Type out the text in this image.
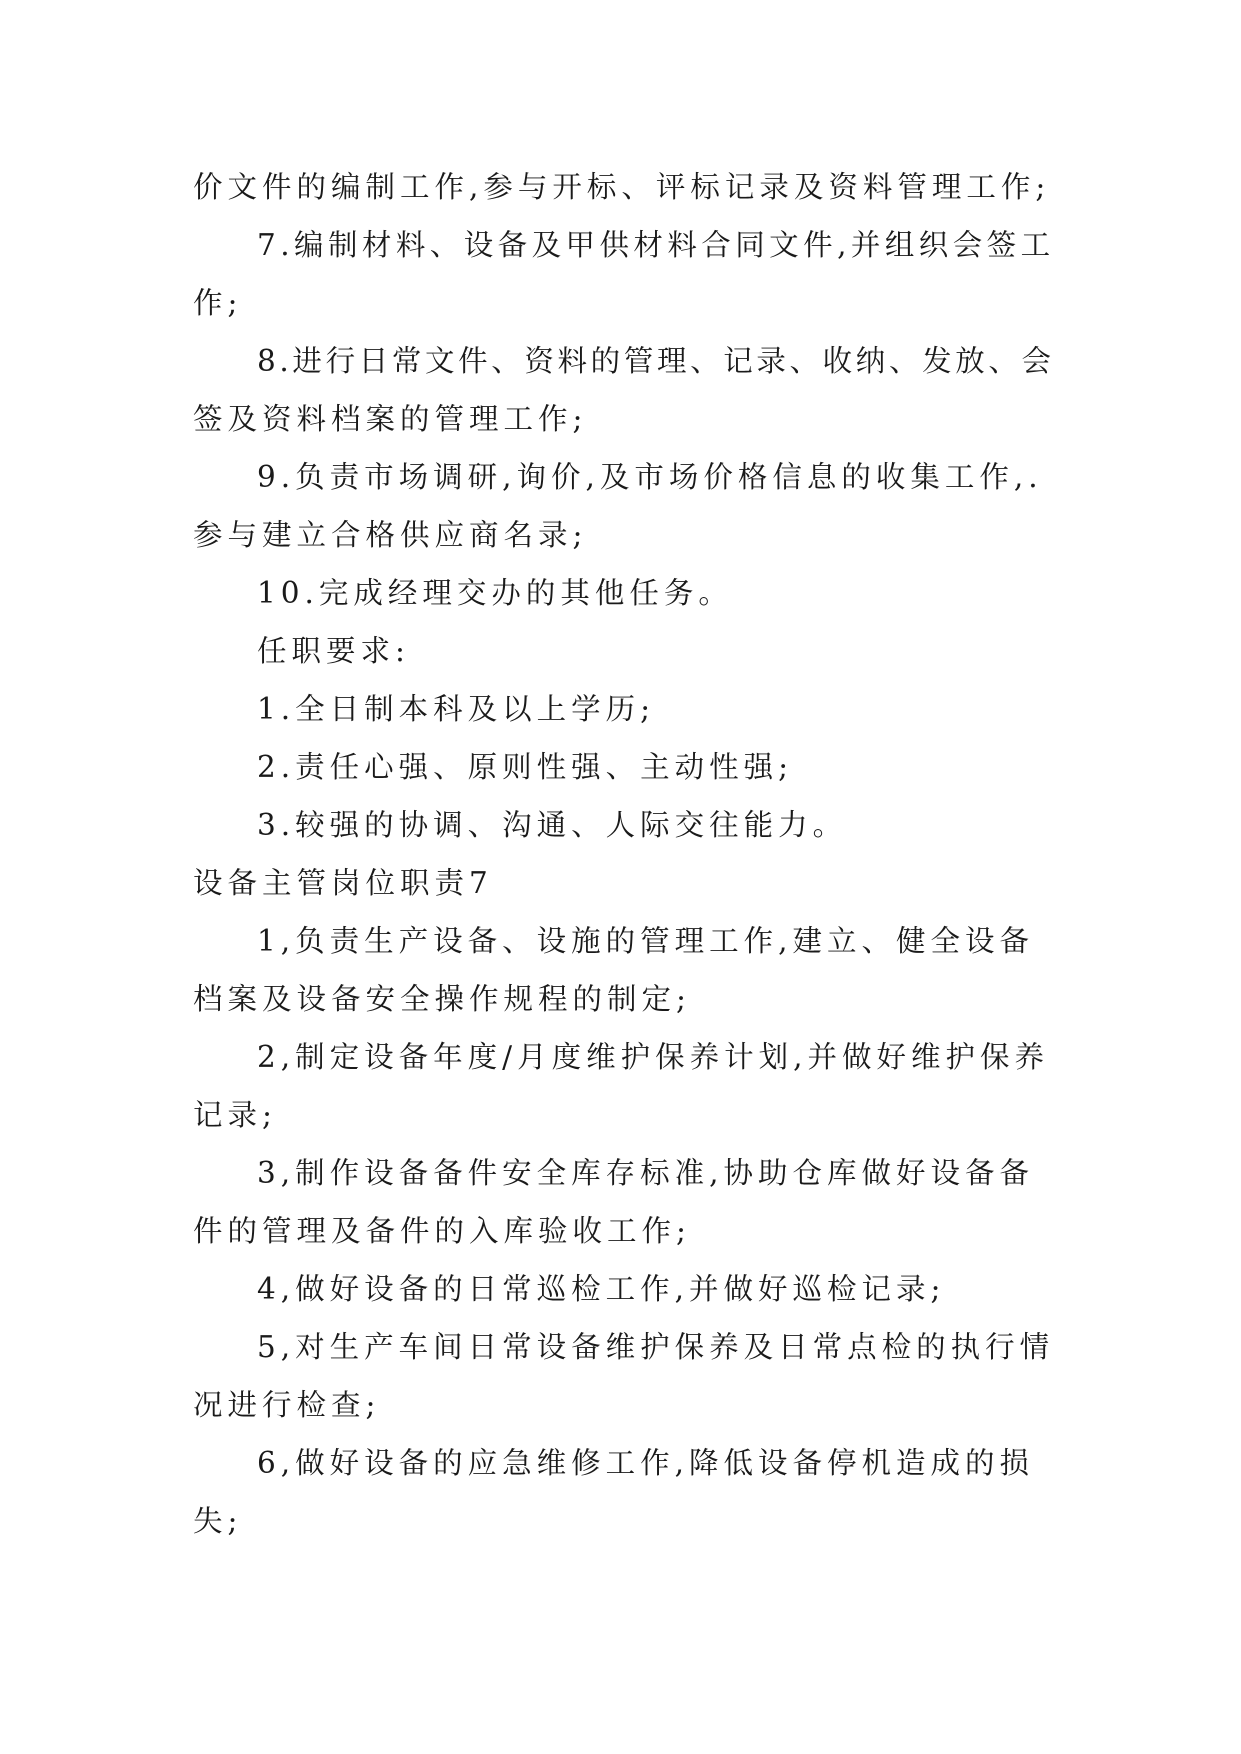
价文件的编制工作,参与开标、评标记录及资料管理工作;
7.编制材料、设备及甲供材料合同文件,并组织会签工
作;
8.进行日常文件、资料的管理、记录、收纳、发放、会
签及资料档案的管理工作;
9.负责市场调研,询价,及市场价格信息的收集工作,.
参与建立合格供应商名录;
10.完成经理交办的其他任务。
任职要求:
1.全日制本科及以上学历;
2.责任心强、原则性强、主动性强;
3.较强的协调、沟通、人际交往能力。
设备主管岗位职责7
1,负责生产设备、设施的管理工作,建立、健全设备
档案及设备安全操作规程的制定;
2,制定设备年度/月度维护保养计划,并做好维护保养
记录;
3,制作设备备件安全库存标准,协助仓库做好设备备
件的管理及备件的入库验收工作;
4,做好设备的日常巡检工作,并做好巡检记录;
5,对生产车间日常设备维护保养及日常点检的执行情
况进行检查;
6,做好设备的应急维修工作,降低设备停机造成的损
失;
